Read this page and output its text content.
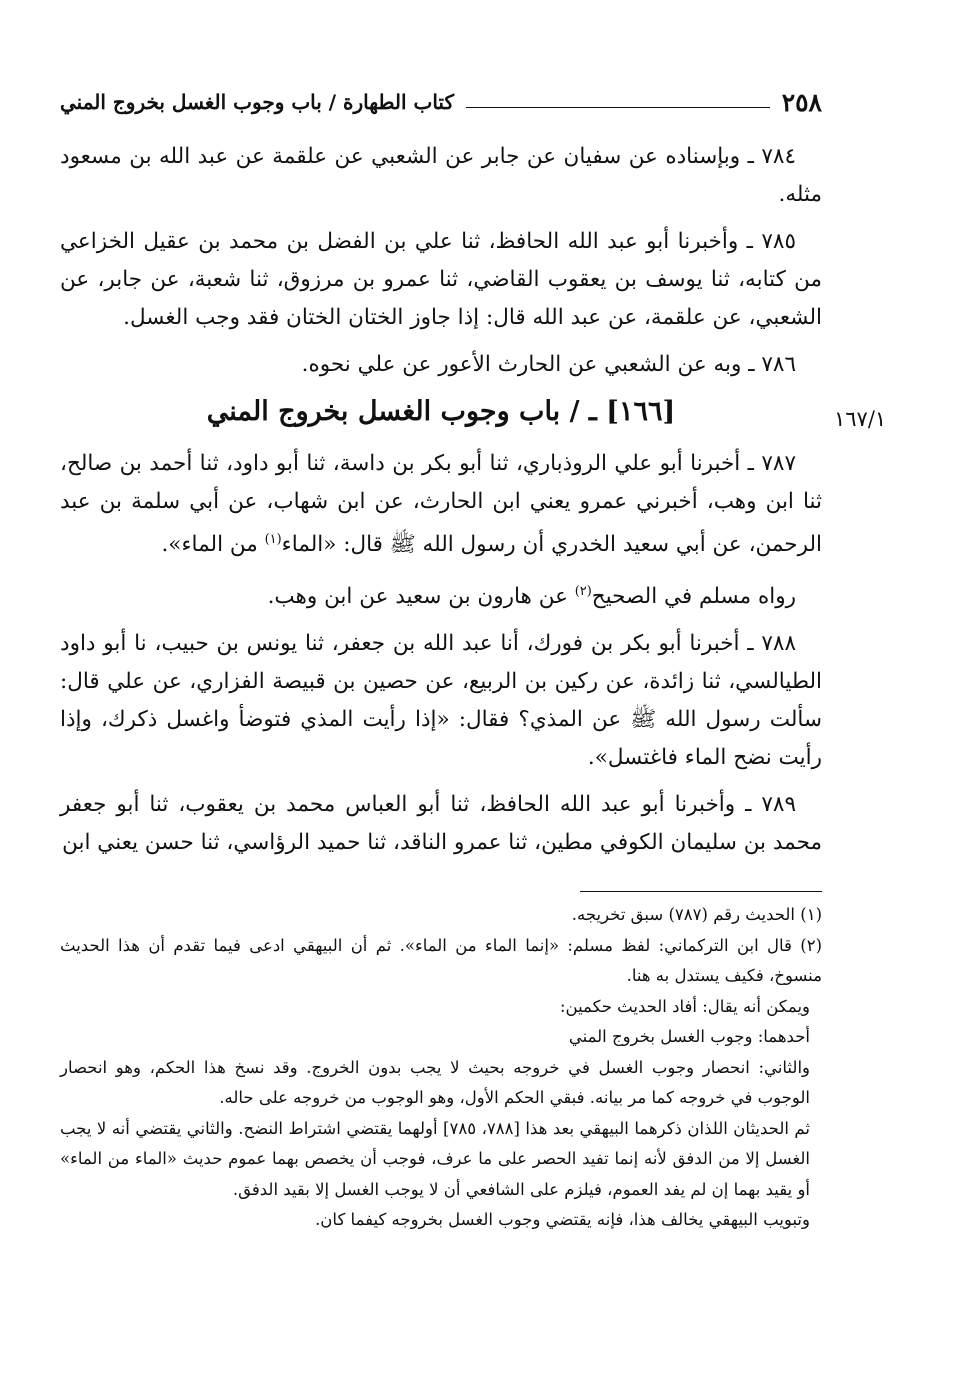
٢٥٨
كتاب الطهارة / باب وجوب الغسل بخروج المني
١٦٧/١

٧٨٤ ـ وبإسناده عن سفيان عن جابر عن الشعبي عن علقمة عن عبد الله بن مسعود مثله.

٧٨٥ ـ وأخبرنا أبو عبد الله الحافظ، ثنا علي بن الفضل بن محمد بن عقيل الخزاعي من كتابه، ثنا يوسف بن يعقوب القاضي، ثنا عمرو بن مرزوق، ثنا شعبة، عن جابر، عن الشعبي، عن علقمة، عن عبد الله قال: إذا جاوز الختان الختان فقد وجب الغسل.

٧٨٦ ـ وبه عن الشعبي عن الحارث الأعور عن علي نحوه.

[١٦٦] ـ / باب وجوب الغسل بخروج المني

٧٨٧ ـ أخبرنا أبو علي الروذباري، ثنا أبو بكر بن داسة، ثنا أبو داود، ثنا أحمد بن صالح، ثنا ابن وهب، أخبرني عمرو يعني ابن الحارث، عن ابن شهاب، عن أبي سلمة بن عبد الرحمن، عن أبي سعيد الخدري أن رسول الله ﷺ قال: «الماء$^{(١)}$ من الماء».

رواه مسلم في الصحيح$^{(٢)}$ عن هارون بن سعيد عن ابن وهب.

٧٨٨ ـ أخبرنا أبو بكر بن فورك، أنا عبد الله بن جعفر، ثنا يونس بن حبيب، نا أبو داود الطيالسي، ثنا زائدة، عن ركين بن الربيع، عن حصين بن قبيصة الفزاري، عن علي قال: سألت رسول الله ﷺ عن المذي؟ فقال: «إذا رأيت المذي فتوضأ واغسل ذكرك، وإذا رأيت نضح الماء فاغتسل».

٧٨٩ ـ وأخبرنا أبو عبد الله الحافظ، ثنا أبو العباس محمد بن يعقوب، ثنا أبو جعفر محمد بن سليمان الكوفي مطين، ثنا عمرو الناقد، ثنا حميد الرؤاسي، ثنا حسن يعني ابن

(١) الحديث رقم (٧٨٧) سبق تخريجه.

(٢) قال ابن التركماني: لفظ مسلم: «إنما الماء من الماء». ثم أن البيهقي ادعى فيما تقدم أن هذا الحديث منسوخ، فكيف يستدل به هنا.

ويمكن أنه يقال: أفاد الحديث حكمين:

أحدهما: وجوب الغسل بخروج المني

والثاني: انحصار وجوب الغسل في خروجه بحيث لا يجب بدون الخروج. وقد نسخ هذا الحكم، وهو انحصار الوجوب في خروجه كما مر بيانه. فبقي الحكم الأول، وهو الوجوب من خروجه على حاله.

ثم الحديثان اللذان ذكرهما البيهقي بعد هذا [٧٨٨، ٧٨٥] أولهما يقتضي اشتراط النضح. والثاني يقتضي أنه لا يجب الغسل إلا من الدفق لأنه إنما تفيد الحصر على ما عرف، فوجب أن يخصص بهما عموم حديث «الماء من الماء» أو يقيد بهما إن لم يفد العموم، فيلزم على الشافعي أن لا يوجب الغسل إلا بقيد الدفق.

وتبويب البيهقي يخالف هذا، فإنه يقتضي وجوب الغسل بخروجه كيفما كان.
